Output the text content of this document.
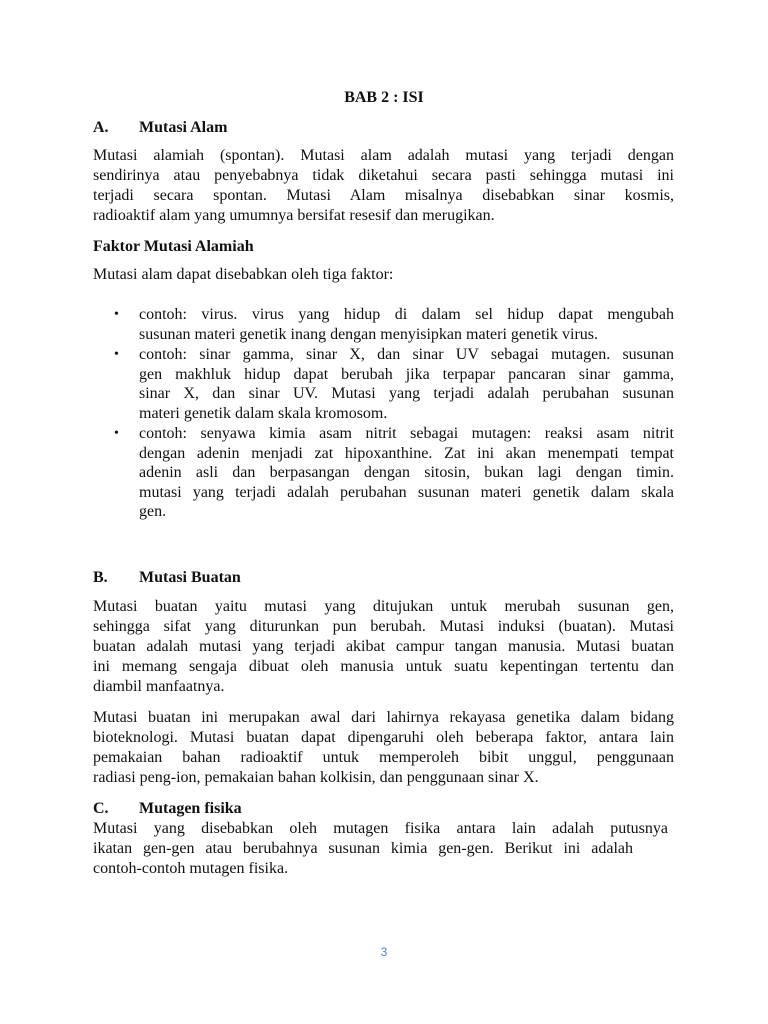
BAB 2 : ISI
A. Mutasi Alam
Mutasi alamiah (spontan). Mutasi alam adalah mutasi yang terjadi dengan
sendirinya atau penyebabnya tidak diketahui secara pasti sehingga mutasi ini
terjadi secara spontan. Mutasi Alam misalnya disebabkan sinar kosmis,
radioaktif alam yang umumnya bersifat resesif dan merugikan.
Faktor Mutasi Alamiah
Mutasi alam dapat disebabkan oleh tiga faktor:
• contoh: virus. virus yang hidup di dalam sel hidup dapat mengubah
susunan materi genetik inang dengan menyisipkan materi genetik virus.
• contoh: sinar gamma, sinar X, dan sinar UV sebagai mutagen. susunan
gen makhluk hidup dapat berubah jika terpapar pancaran sinar gamma,
sinar X, dan sinar UV. Mutasi yang terjadi adalah perubahan susunan
materi genetik dalam skala kromosom.
• contoh: senyawa kimia asam nitrit sebagai mutagen: reaksi asam nitrit
dengan adenin menjadi zat hipoxanthine. Zat ini akan menempati tempat
adenin asli dan berpasangan dengan sitosin, bukan lagi dengan timin.
mutasi yang terjadi adalah perubahan susunan materi genetik dalam skala
gen.
B. Mutasi Buatan
Mutasi buatan yaitu mutasi yang ditujukan untuk merubah susunan gen,
sehingga sifat yang diturunkan pun berubah. Mutasi induksi (buatan). Mutasi
buatan adalah mutasi yang terjadi akibat campur tangan manusia. Mutasi buatan
ini memang sengaja dibuat oleh manusia untuk suatu kepentingan tertentu dan
diambil manfaatnya.
Mutasi buatan ini merupakan awal dari lahirnya rekayasa genetika dalam bidang
bioteknologi. Mutasi buatan dapat dipengaruhi oleh beberapa faktor, antara lain
pemakaian bahan radioaktif untuk memperoleh bibit unggul, penggunaan
radiasi peng-ion, pemakaian bahan kolkisin, dan penggunaan sinar X.
C. Mutagen fisika
Mutasi yang disebabkan oleh mutagen fisika antara lain adalah putusnya
ikatan gen-gen atau berubahnya susunan kimia gen-gen. Berikut ini adalah
contoh-contoh mutagen fisika.
3
